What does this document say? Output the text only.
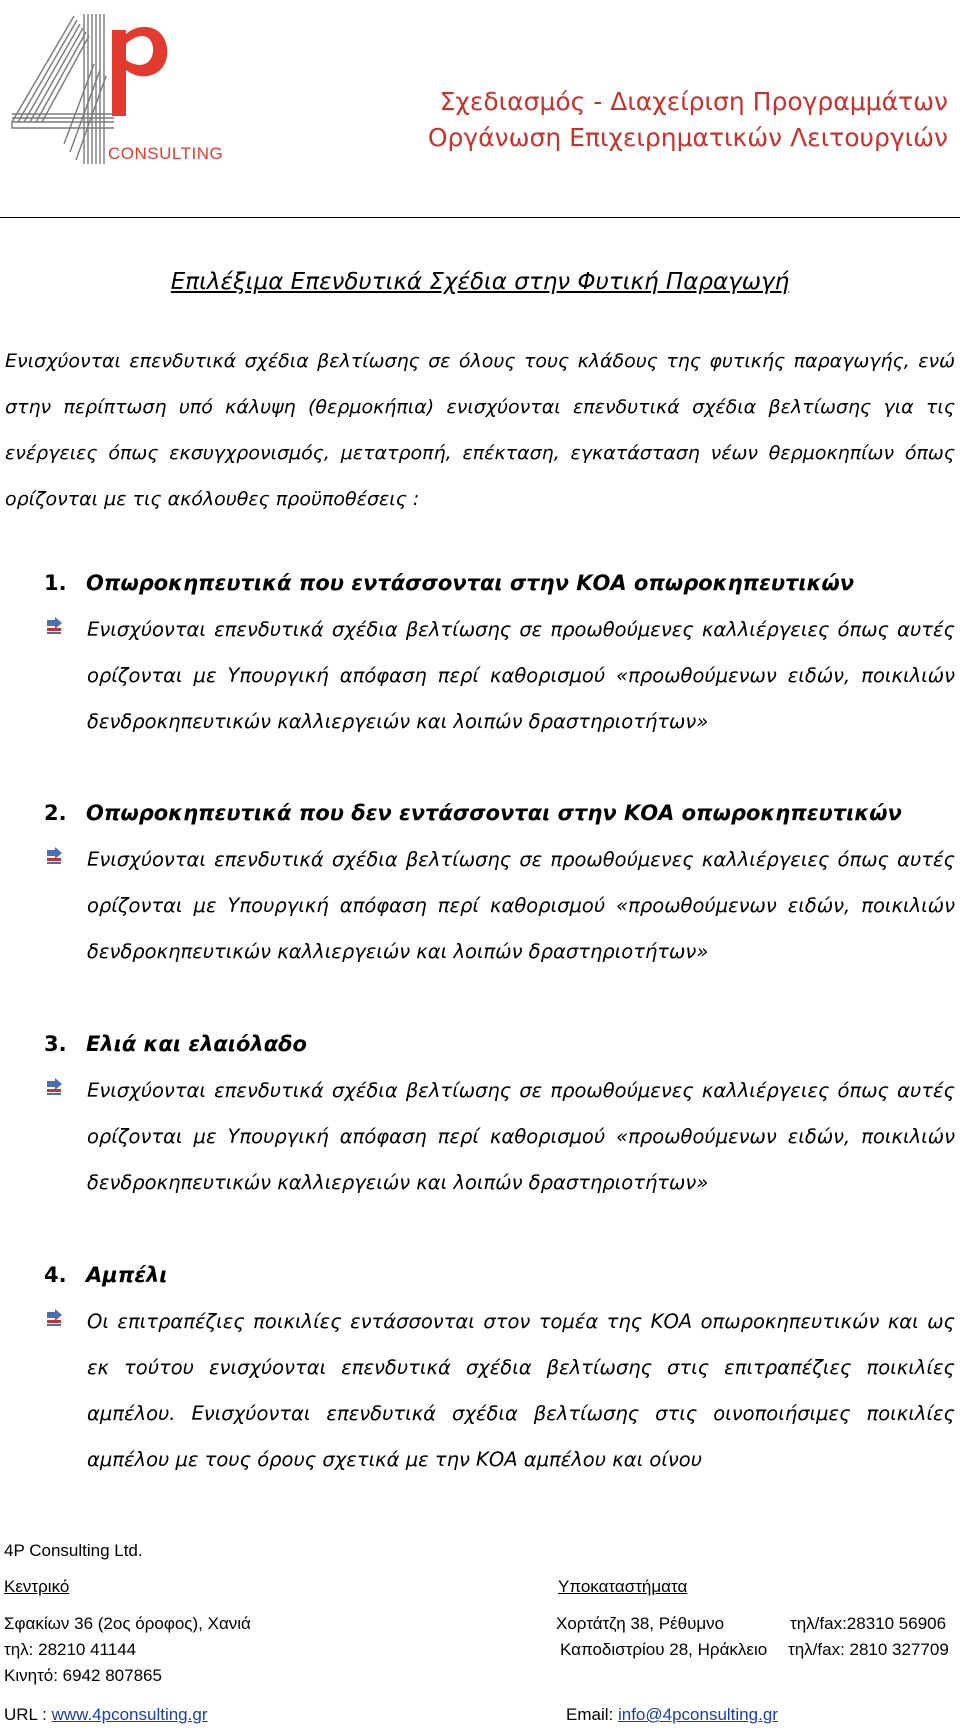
CONSULTING
Σχεδιασμός - Διαχείριση Προγραμμάτων
Οργάνωση Επιχειρηματικών Λειτουργιών
Επιλέξιμα Επενδυτικά Σχέδια στην Φυτική Παραγωγή

Ενισχύονται επενδυτικά σχέδια βελτίωσης σε όλους τους κλάδους της φυτικής παραγωγής, ενώ στην περίπτωση υπό κάλυψη (θερμοκήπια) ενισχύονται επενδυτικά σχέδια βελτίωσης για τις ενέργειες όπως εκσυγχρονισμός, μετατροπή, επέκταση, εγκατάσταση νέων θερμοκηπίων όπως ορίζονται με τις ακόλουθες προϋποθέσεις :

1. Οπωροκηπευτικά που εντάσσονται στην ΚΟΑ οπωροκηπευτικών

Ενισχύονται επενδυτικά σχέδια βελτίωσης σε προωθούμενες καλλιέργειες όπως αυτές ορίζονται με Υπουργική απόφαση περί καθορισμού «προωθούμενων ειδών, ποικιλιών δενδροκηπευτικών καλλιεργειών και λοιπών δραστηριοτήτων»

2. Οπωροκηπευτικά που δεν εντάσσονται στην ΚΟΑ οπωροκηπευτικών

Ενισχύονται επενδυτικά σχέδια βελτίωσης σε προωθούμενες καλλιέργειες όπως αυτές ορίζονται με Υπουργική απόφαση περί καθορισμού «προωθούμενων ειδών, ποικιλιών δενδροκηπευτικών καλλιεργειών και λοιπών δραστηριοτήτων»

3. Ελιά και ελαιόλαδο

Ενισχύονται επενδυτικά σχέδια βελτίωσης σε προωθούμενες καλλιέργειες όπως αυτές ορίζονται με Υπουργική απόφαση περί καθορισμού «προωθούμενων ειδών, ποικιλιών δενδροκηπευτικών καλλιεργειών και λοιπών δραστηριοτήτων»

4. Αμπέλι

Οι επιτραπέζιες ποικιλίες εντάσσονται στον τομέα της ΚΟΑ οπωροκηπευτικών και ως εκ τούτου ενισχύονται επενδυτικά σχέδια βελτίωσης στις επιτραπέζιες ποικιλίες αμπέλου. Ενισχύονται επενδυτικά σχέδια βελτίωσης στις οινοποιήσιμες ποικιλίες αμπέλου με τους όρους σχετικά με την ΚΟΑ αμπέλου και οίνου

4P Consulting Ltd.
Κεντρικό	Υποκαταστήματα
Σφακίων 36 (2ος όροφος), Χανιά	Χορτάτζη 38, Ρέθυμνο	τηλ/fax:28310 56906
τηλ: 28210 41144	Καποδιστρίου 28, Ηράκλειο τηλ/fax: 2810 327709
Κινητό: 6942 807865
URL : www.4pconsulting.gr	Email: info@4pconsulting.gr
